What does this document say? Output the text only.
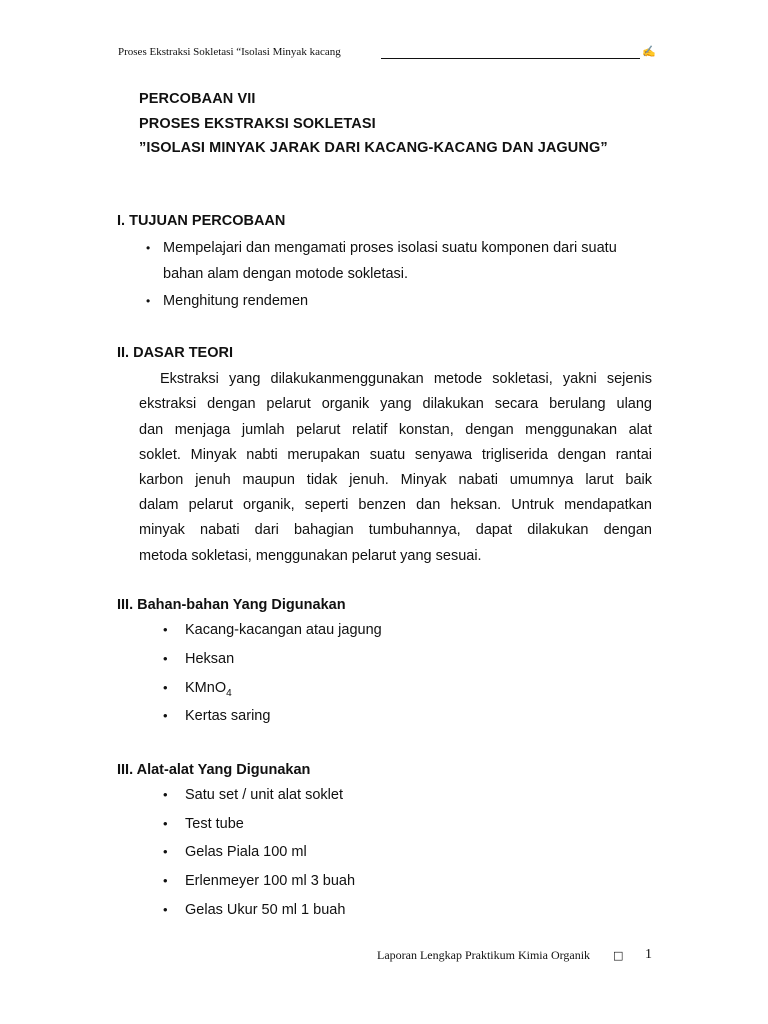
Proses Ekstraksi Sokletasi “Isolasi Minyak kacang	✍
PERCOBAAN VII
PROSES EKSTRAKSI SOKLETASI
”ISOLASI MINYAK JARAK DARI KACANG-KACANG DAN JAGUNG”
I. TUJUAN PERCOBAAN
• Mempelajari dan mengamati proses isolasi suatu komponen dari suatu
bahan alam dengan motode sokletasi.
• Menghitung rendemen
II. DASAR TEORI
Ekstraksi yang dilakukanmenggunakan metode sokletasi, yakni sejenis
ekstraksi dengan pelarut organik yang dilakukan secara berulang ulang
dan menjaga jumlah pelarut relatif konstan, dengan menggunakan alat
soklet. Minyak nabti merupakan suatu senyawa trigliserida dengan rantai
karbon jenuh maupun tidak jenuh. Minyak nabati umumnya larut baik
dalam pelarut organik, seperti benzen dan heksan. Untruk mendapatkan
minyak nabati dari bahagian tumbuhannya, dapat dilakukan dengan
metoda sokletasi, menggunakan pelarut yang sesuai.
III. Bahan-bahan Yang Digunakan
• Kacang-kacangan atau jagung
• Heksan
• KMnO$_4$
• Kertas saring
III. Alat-alat Yang Digunakan
• Satu set / unit alat soklet
• Test tube
• Gelas Piala 100 ml
• Erlenmeyer 100 ml 3 buah
• Gelas Ukur 50 ml 1 buah
Laporan Lengkap Praktikum Kimia Organik □ 1
